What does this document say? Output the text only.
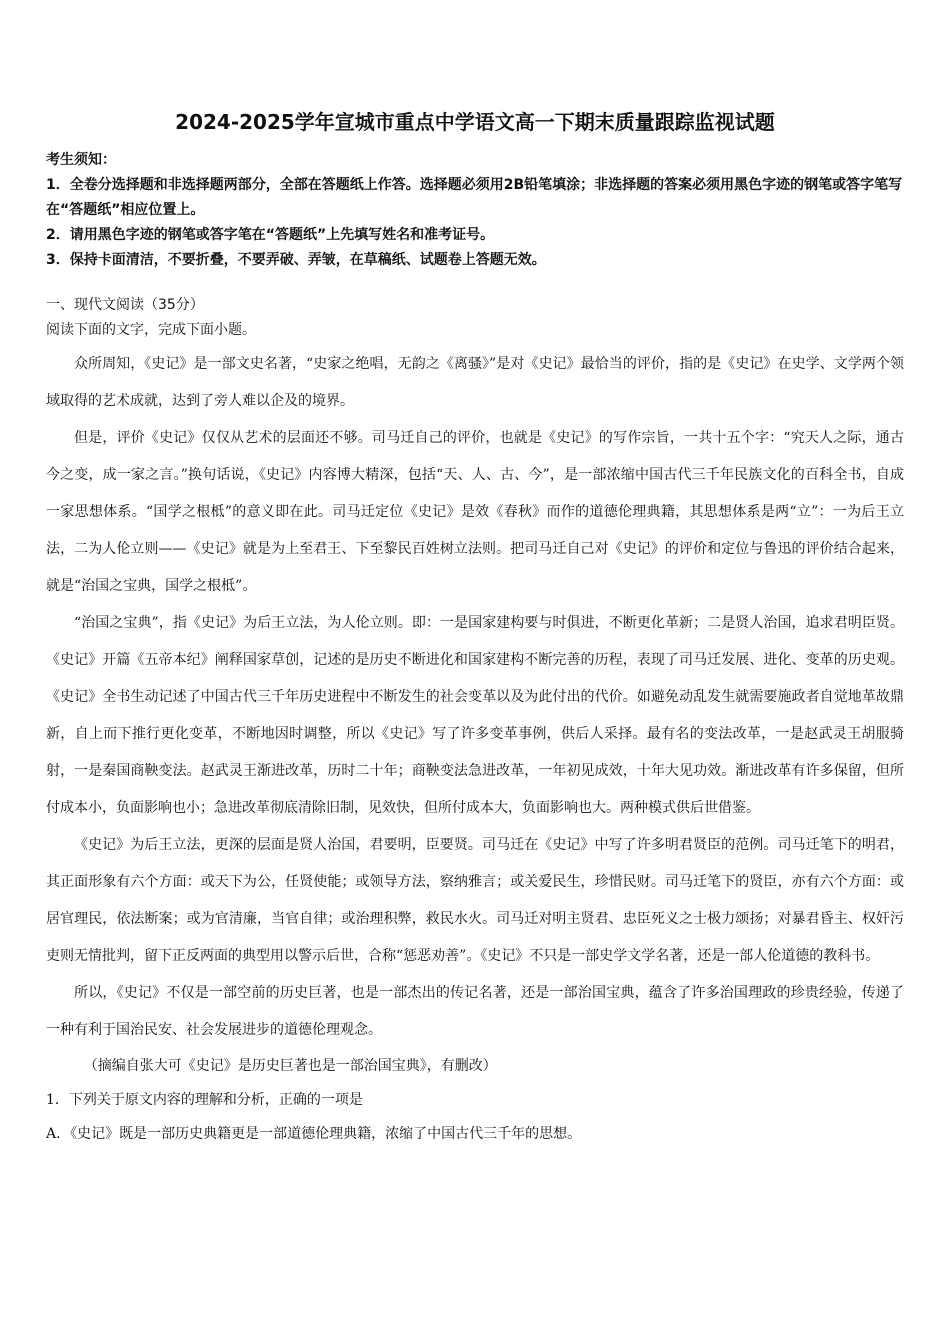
2024-2025学年宣城市重点中学语文高一下期末质量跟踪监视试题

考生须知：

1．全卷分选择题和非选择题两部分，全部在答题纸上作答。选择题必须用2B铅笔填涂；非选择题的答案必须用黑色字迹的钢笔或答字笔写在“答题纸”相应位置上。

2．请用黑色字迹的钢笔或答字笔在“答题纸”上先填写姓名和准考证号。

3．保持卡面清洁，不要折叠，不要弄破、弄皱，在草稿纸、试题卷上答题无效。

一、现代文阅读（35分）
阅读下面的文字，完成下面小题。

众所周知，《史记》是一部文史名著，“史家之绝唱，无韵之《离骚》”是对《史记》最恰当的评价，指的是《史记》在史学、文学两个领域取得的艺术成就，达到了旁人难以企及的境界。

但是，评价《史记》仅仅从艺术的层面还不够。司马迁自己的评价，也就是《史记》的写作宗旨，一共十五个字：“究天人之际，通古今之变，成一家之言。”换句话说，《史记》内容博大精深，包括“天、人、古、今”，是一部浓缩中国古代三千年民族文化的百科全书，自成一家思想体系。“国学之根柢”的意义即在此。司马迁定位《史记》是效《春秋》而作的道德伦理典籍，其思想体系是两“立”：一为后王立法，二为人伦立则——《史记》就是为上至君王、下至黎民百姓树立法则。把司马迁自己对《史记》的评价和定位与鲁迅的评价结合起来，就是“治国之宝典，国学之根柢”。

“治国之宝典”，指《史记》为后王立法，为人伦立则。即：一是国家建构要与时俱进，不断更化革新；二是贤人治国，追求君明臣贤。《史记》开篇《五帝本纪》阐释国家草创，记述的是历史不断进化和国家建构不断完善的历程，表现了司马迁发展、进化、变革的历史观。《史记》全书生动记述了中国古代三千年历史进程中不断发生的社会变革以及为此付出的代价。如避免动乱发生就需要施政者自觉地革故鼎新，自上而下推行更化变革，不断地因时调整，所以《史记》写了许多变革事例，供后人采择。最有名的变法改革，一是赵武灵王胡服骑射，一是秦国商鞅变法。赵武灵王渐进改革，历时二十年；商鞅变法急进改革，一年初见成效，十年大见功效。渐进改革有许多保留，但所付成本小，负面影响也小；急进改革彻底清除旧制，见效快，但所付成本大，负面影响也大。两种模式供后世借鉴。

《史记》为后王立法，更深的层面是贤人治国，君要明，臣要贤。司马迁在《史记》中写了许多明君贤臣的范例。司马迁笔下的明君，其正面形象有六个方面：或天下为公，任贤使能；或领导方法，察纳雅言；或关爱民生，珍惜民财。司马迁笔下的贤臣，亦有六个方面：或居官理民，依法断案；或为官清廉，当官自律；或治理积弊，救民水火。司马迁对明主贤君、忠臣死义之士极力颂扬；对暴君昏主、权奸污吏则无情批判，留下正反两面的典型用以警示后世，合称“惩恶劝善”。《史记》不只是一部史学文学名著，还是一部人伦道德的教科书。

所以，《史记》不仅是一部空前的历史巨著，也是一部杰出的传记名著，还是一部治国宝典，蕴含了许多治国理政的珍贵经验，传递了一种有利于国治民安、社会发展进步的道德伦理观念。

（摘编自张大可《史记》是历史巨著也是一部治国宝典》，有删改）

1．下列关于原文内容的理解和分析，正确的一项是

A．《史记》既是一部历史典籍更是一部道德伦理典籍，浓缩了中国古代三千年的思想。
